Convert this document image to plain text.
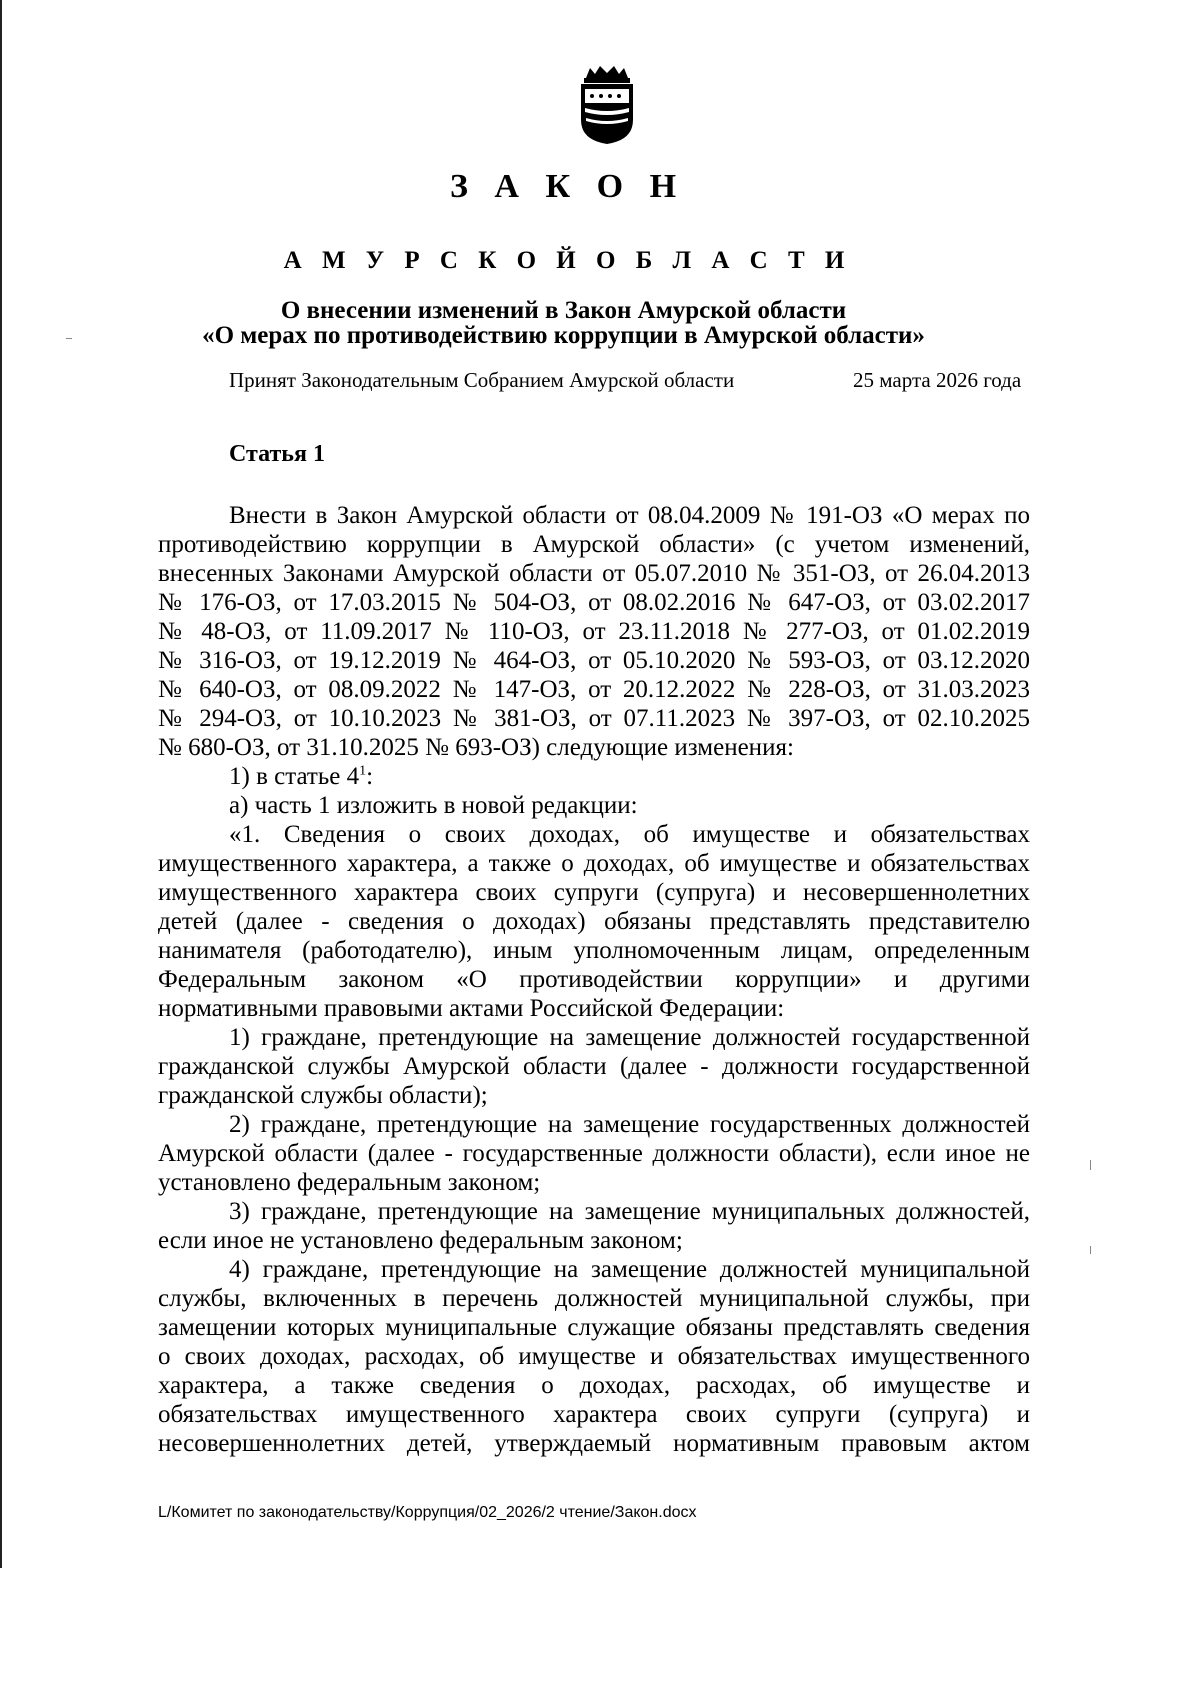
З А К О Н
А М У Р С К О Й О Б Л А С Т И
О внесении изменений в Закон Амурской области
«О мерах по противодействию коррупции в Амурской области»
Принят Законодательным Собранием Амурской области	25 марта 2026 года
Статья 1
Внести в Закон Амурской области от 08.04.2009 № 191-ОЗ «О мерах по
противодействию коррупции в Амурской области» (с учетом изменений,
внесенных Законами Амурской области от 05.07.2010 № 351-ОЗ, от 26.04.2013
№ 176-ОЗ, от 17.03.2015 № 504-ОЗ, от 08.02.2016 № 647-ОЗ, от 03.02.2017
№ 48-ОЗ, от 11.09.2017 № 110-ОЗ, от 23.11.2018 № 277-ОЗ, от 01.02.2019
№ 316-ОЗ, от 19.12.2019 № 464-ОЗ, от 05.10.2020 № 593-ОЗ, от 03.12.2020
№ 640-ОЗ, от 08.09.2022 № 147-ОЗ, от 20.12.2022 № 228-ОЗ, от 31.03.2023
№ 294-ОЗ, от 10.10.2023 № 381-ОЗ, от 07.11.2023 № 397-ОЗ, от 02.10.2025
№ 680-ОЗ, от 31.10.2025 № 693-ОЗ) следующие изменения:
1) в статье $4^1$:
а) часть 1 изложить в новой редакции:
«1. Сведения о своих доходах, об имуществе и обязательствах
имущественного характера, а также о доходах, об имуществе и обязательствах
имущественного характера своих супруги (супруга) и несовершеннолетних
детей (далее - сведения о доходах) обязаны представлять представителю
нанимателя (работодателю), иным уполномоченным лицам, определенным
Федеральным законом «О противодействии коррупции» и другими
нормативными правовыми актами Российской Федерации:
1) граждане, претендующие на замещение должностей государственной
гражданской службы Амурской области (далее - должности государственной
гражданской службы области);
2) граждане, претендующие на замещение государственных должностей
Амурской области (далее - государственные должности области), если иное не
установлено федеральным законом;
3) граждане, претендующие на замещение муниципальных должностей,
если иное не установлено федеральным законом;
4) граждане, претендующие на замещение должностей муниципальной
службы, включенных в перечень должностей муниципальной службы, при
замещении которых муниципальные служащие обязаны представлять сведения
о своих доходах, расходах, об имуществе и обязательствах имущественного
характера, а также сведения о доходах, расходах, об имуществе и
обязательствах имущественного характера своих супруги (супруга) и
несовершеннолетних детей, утверждаемый нормативным правовым актом
L/Комитет по законодательству/Коррупция/02_2026/2 чтение/Закон.docx
